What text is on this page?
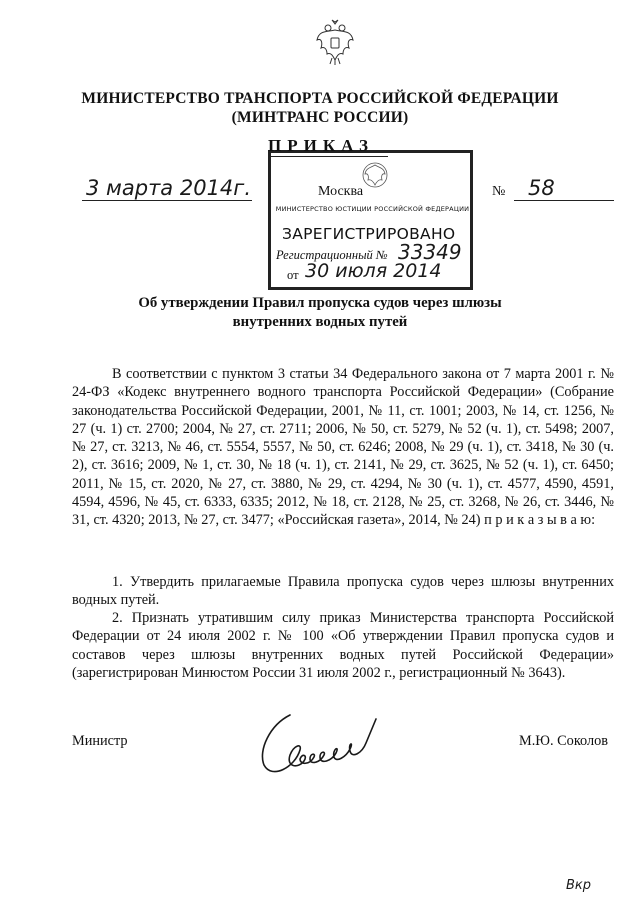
МИНИСТЕРСТВО ТРАНСПОРТА РОССИЙСКОЙ ФЕДЕРАЦИИ
(МИНТРАНС РОССИИ)
ПРИКАЗ
3 марта 2014г.	Москва	№ 58
МИНИСТЕРСТВО ЮСТИЦИИ РОССИЙСКОЙ ФЕДЕРАЦИИ
ЗАРЕГИСТРИРОВАНО
Регистрационный № 33349
от 30 июля 2014
Об утверждении Правил пропуска судов через шлюзы
внутренних водных путей
В соответствии с пунктом 3 статьи 34 Федерального закона от 7 марта 2001 г. № 24-ФЗ «Кодекс внутреннего водного транспорта Российской Федерации» (Собрание законодательства Российской Федерации, 2001, № 11, ст. 1001; 2003, № 14, ст. 1256, № 27 (ч. 1) ст. 2700; 2004, № 27, ст. 2711; 2006, № 50, ст. 5279, № 52 (ч. 1), ст. 5498; 2007, № 27, ст. 3213, № 46, ст. 5554, 5557, № 50, ст. 6246; 2008, № 29 (ч. 1), ст. 3418, № 30 (ч. 2), ст. 3616; 2009, № 1, ст. 30, № 18 (ч. 1), ст. 2141, № 29, ст. 3625, № 52 (ч. 1), ст. 6450; 2011, № 15, ст. 2020, № 27, ст. 3880, № 29, ст. 4294, № 30 (ч. 1), ст. 4577, 4590, 4591, 4594, 4596, № 45, ст. 6333, 6335; 2012, № 18, ст. 2128, № 25, ст. 3268, № 26, ст. 3446, № 31, ст. 4320; 2013, № 27, ст. 3477; «Российская газета», 2014, № 24) п р и к а з ы в а ю:
1. Утвердить прилагаемые Правила пропуска судов через шлюзы внутренних водных путей.
2. Признать утратившим силу приказ Министерства транспорта Российской Федерации от 24 июля 2002 г. № 100 «Об утверждении Правил пропуска судов и составов через шлюзы внутренних водных путей Российской Федерации» (зарегистрирован Минюстом России 31 июля 2002 г., регистрационный № 3643).
Министр	М.Ю. Соколов
Вкр
